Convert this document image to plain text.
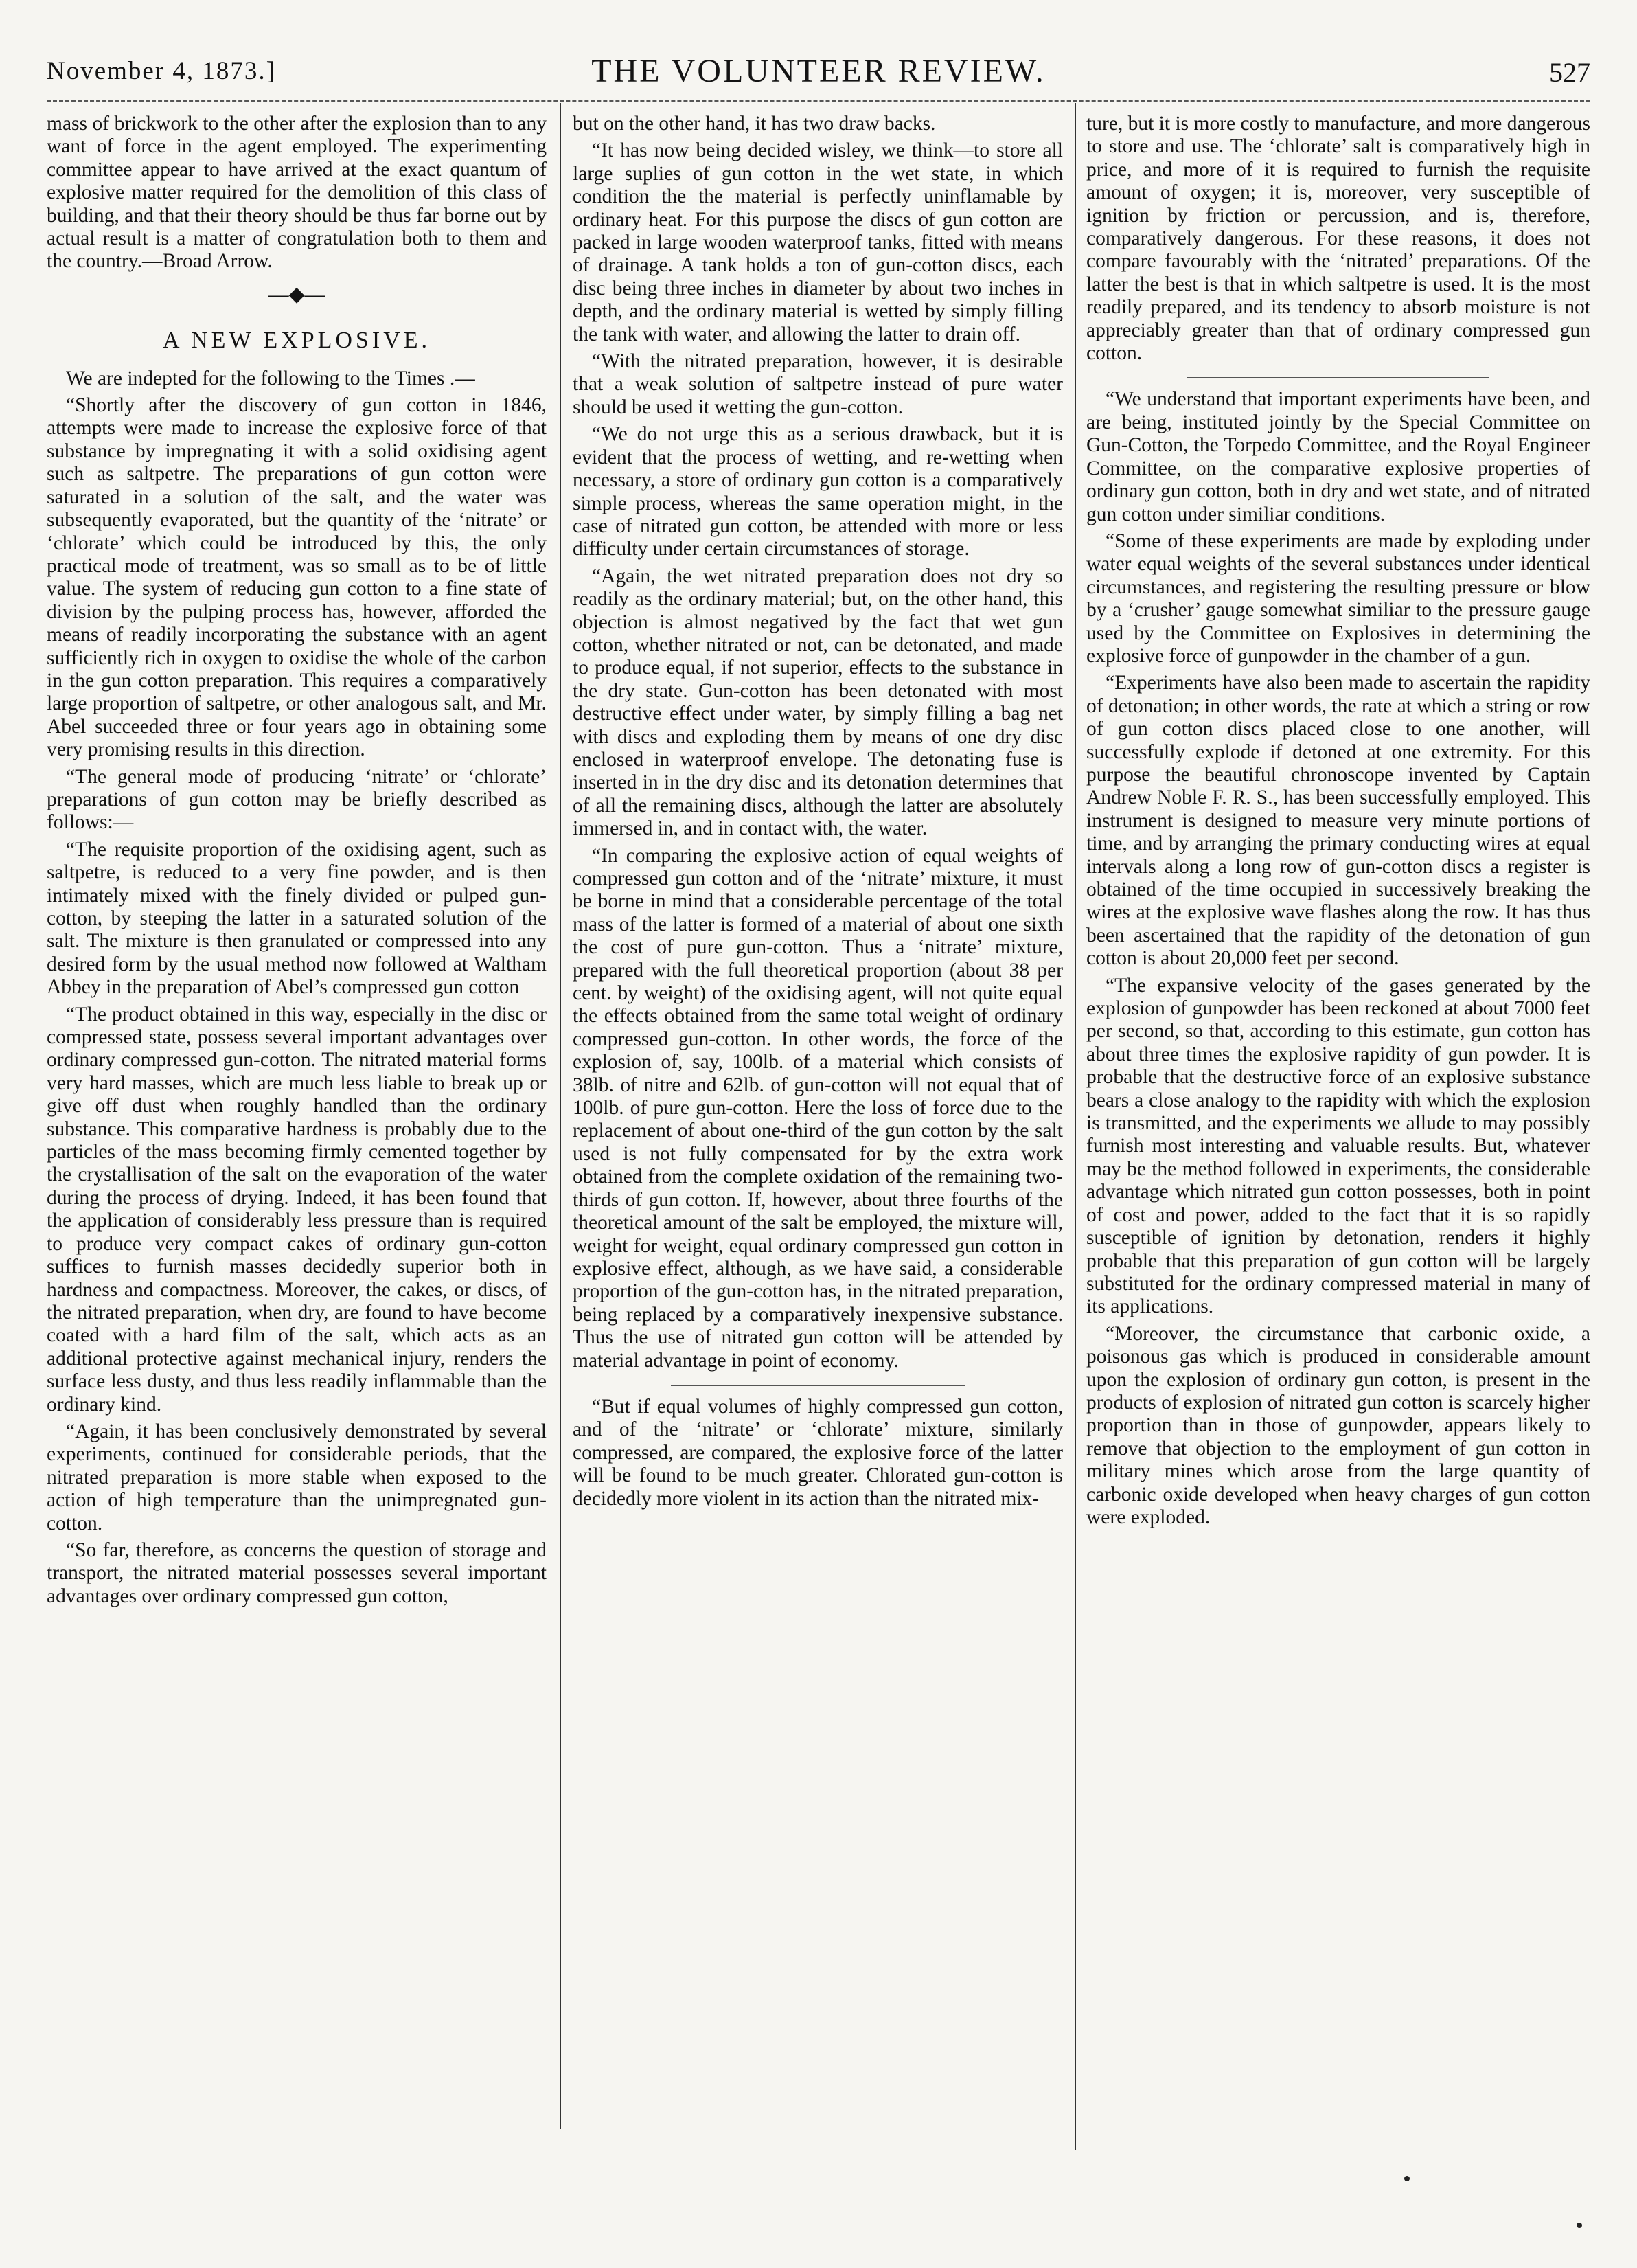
November 4, 1873.]	THE VOLUNTEER REVIEW.	527

mass of brickwork to the other after the explosion than to any want of force in the agent employed. The experimenting committee appear to have arrived at the exact quantum of explosive matter required for the demolition of this class of building, and that their theory should be thus far borne out by actual result is a matter of congratulation both to them and the country.—Broad Arrow.

—◆—

A NEW EXPLOSIVE.

We are indepted for the following to the Times .—

“Shortly after the discovery of gun cotton in 1846, attempts were made to increase the explosive force of that substance by impregnating it with a solid oxidising agent such as saltpetre. The preparations of gun cotton were saturated in a solution of the salt, and the water was subsequently evaporated, but the quantity of the ‘nitrate’ or ‘chlorate’ which could be introduced by this, the only practical mode of treatment, was so small as to be of little value. The system of reducing gun cotton to a fine state of division by the pulping process has, however, afforded the means of readily incorporating the substance with an agent sufficiently rich in oxygen to oxidise the whole of the carbon in the gun cotton preparation. This requires a comparatively large proportion of saltpetre, or other analogous salt, and Mr. Abel succeeded three or four years ago in obtaining some very promising results in this direction.

“The general mode of producing ‘nitrate’ or ‘chlorate’ preparations of gun cotton may be briefly described as follows:—

“The requisite proportion of the oxidising agent, such as saltpetre, is reduced to a very fine powder, and is then intimately mixed with the finely divided or pulped gun-cotton, by steeping the latter in a saturated solution of the salt. The mixture is then granulated or compressed into any desired form by the usual method now followed at Waltham Abbey in the preparation of Abel’s compressed gun cotton

“The product obtained in this way, especially in the disc or compressed state, possess several important advantages over ordinary compressed gun-cotton. The nitrated material forms very hard masses, which are much less liable to break up or give off dust when roughly handled than the ordinary substance. This comparative hardness is probably due to the particles of the mass becoming firmly cemented together by the crystallisation of the salt on the evaporation of the water during the process of drying. Indeed, it has been found that the application of considerably less pressure than is required to produce very compact cakes of ordinary gun-cotton suffices to furnish masses decidedly superior both in hardness and compactness. Moreover, the cakes, or discs, of the nitrated preparation, when dry, are found to have become coated with a hard film of the salt, which acts as an additional protective against mechanical injury, renders the surface less dusty, and thus less readily inflammable than the ordinary kind.

“Again, it has been conclusively demonstrated by several experiments, continued for considerable periods, that the nitrated preparation is more stable when exposed to the action of high temperature than the unimpregnated gun-cotton.

“So far, therefore, as concerns the question of storage and transport, the nitrated material possesses several important advantages over ordinary compressed gun cotton,

but on the other hand, it has two draw backs.

“It has now being decided wisley, we think—to store all large suplies of gun cotton in the wet state, in which condition the the material is perfectly uninflamable by ordinary heat. For this purpose the discs of gun cotton are packed in large wooden waterproof tanks, fitted with means of drainage. A tank holds a ton of gun-cotton discs, each disc being three inches in diameter by about two inches in depth, and the ordinary material is wetted by simply filling the tank with water, and allowing the latter to drain off.

“With the nitrated preparation, however, it is desirable that a weak solution of saltpetre instead of pure water should be used it wetting the gun-cotton.

“We do not urge this as a serious drawback, but it is evident that the process of wetting, and re-wetting when necessary, a store of ordinary gun cotton is a comparatively simple process, whereas the same operation might, in the case of nitrated gun cotton, be attended with more or less difficulty under certain circumstances of storage.

“Again, the wet nitrated preparation does not dry so readily as the ordinary material; but, on the other hand, this objection is almost negatived by the fact that wet gun cotton, whether nitrated or not, can be detonated, and made to produce equal, if not superior, effects to the substance in the dry state. Gun-cotton has been detonated with most destructive effect under water, by simply filling a bag net with discs and exploding them by means of one dry disc enclosed in waterproof envelope. The detonating fuse is inserted in in the dry disc and its detonation determines that of all the remaining discs, although the latter are absolutely immersed in, and in contact with, the water.

“In comparing the explosive action of equal weights of compressed gun cotton and of the ‘nitrate’ mixture, it must be borne in mind that a considerable percentage of the total mass of the latter is formed of a material of about one sixth the cost of pure gun-cotton. Thus a ‘nitrate’ mixture, prepared with the full theoretical proportion (about 38 per cent. by weight) of the oxidising agent, will not quite equal the effects obtained from the same total weight of ordinary compressed gun-cotton. In other words, the force of the explosion of, say, 100lb. of a material which consists of 38lb. of nitre and 62lb. of gun-cotton will not equal that of 100lb. of pure gun-cotton. Here the loss of force due to the replacement of about one-third of the gun cotton by the salt used is not fully compensated for by the extra work obtained from the complete oxidation of the remaining two-thirds of gun cotton. If, however, about three fourths of the theoretical amount of the salt be employed, the mixture will, weight for weight, equal ordinary compressed gun cotton in explosive effect, although, as we have said, a considerable proportion of the gun-cotton has, in the nitrated preparation, being replaced by a comparatively inexpensive substance. Thus the use of nitrated gun cotton will be attended by material advantage in point of economy.

“But if equal volumes of highly compressed gun cotton, and of the ‘nitrate’ or ‘chlorate’ mixture, similarly compressed, are compared, the explosive force of the latter will be found to be much greater. Chlorated gun-cotton is decidedly more violent in its action than the nitrated mix-

ture, but it is more costly to manufacture, and more dangerous to store and use. The ‘chlorate’ salt is comparatively high in price, and more of it is required to furnish the requisite amount of oxygen; it is, moreover, very susceptible of ignition by friction or percussion, and is, therefore, comparatively dangerous. For these reasons, it does not compare favourably with the ‘nitrated’ preparations. Of the latter the best is that in which saltpetre is used. It is the most readily prepared, and its tendency to absorb moisture is not appreciably greater than that of ordinary compressed gun cotton.

“We understand that important experiments have been, and are being, instituted jointly by the Special Committee on Gun-Cotton, the Torpedo Committee, and the Royal Engineer Committee, on the comparative explosive properties of ordinary gun cotton, both in dry and wet state, and of nitrated gun cotton under similiar conditions.

“Some of these experiments are made by exploding under water equal weights of the several substances under identical circumstances, and registering the resulting pressure or blow by a ‘crusher’ gauge somewhat similiar to the pressure gauge used by the Committee on Explosives in determining the explosive force of gunpowder in the chamber of a gun.

“Experiments have also been made to ascertain the rapidity of detonation; in other words, the rate at which a string or row of gun cotton discs placed close to one another, will successfully explode if detoned at one extremity. For this purpose the beautiful chronoscope invented by Captain Andrew Noble F. R. S., has been successfully employed. This instrument is designed to measure very minute portions of time, and by arranging the primary conducting wires at equal intervals along a long row of gun-cotton discs a register is obtained of the time occupied in successively breaking the wires at the explosive wave flashes along the row. It has thus been ascertained that the rapidity of the detonation of gun cotton is about 20,000 feet per second.

“The expansive velocity of the gases generated by the explosion of gunpowder has been reckoned at about 7000 feet per second, so that, according to this estimate, gun cotton has about three times the explosive rapidity of gun powder. It is probable that the destructive force of an explosive substance bears a close analogy to the rapidity with which the explosion is transmitted, and the experiments we allude to may possibly furnish most interesting and valuable results. But, whatever may be the method followed in experiments, the considerable advantage which nitrated gun cotton possesses, both in point of cost and power, added to the fact that it is so rapidly susceptible of ignition by detonation, renders it highly probable that this preparation of gun cotton will be largely substituted for the ordinary compressed material in many of its applications.

“Moreover, the circumstance that carbonic oxide, a poisonous gas which is produced in considerable amount upon the explosion of ordinary gun cotton, is present in the products of explosion of nitrated gun cotton is scarcely higher proportion than in those of gunpowder, appears likely to remove that objection to the employment of gun cotton in military mines which arose from the large quantity of carbonic oxide developed when heavy charges of gun cotton were exploded.
